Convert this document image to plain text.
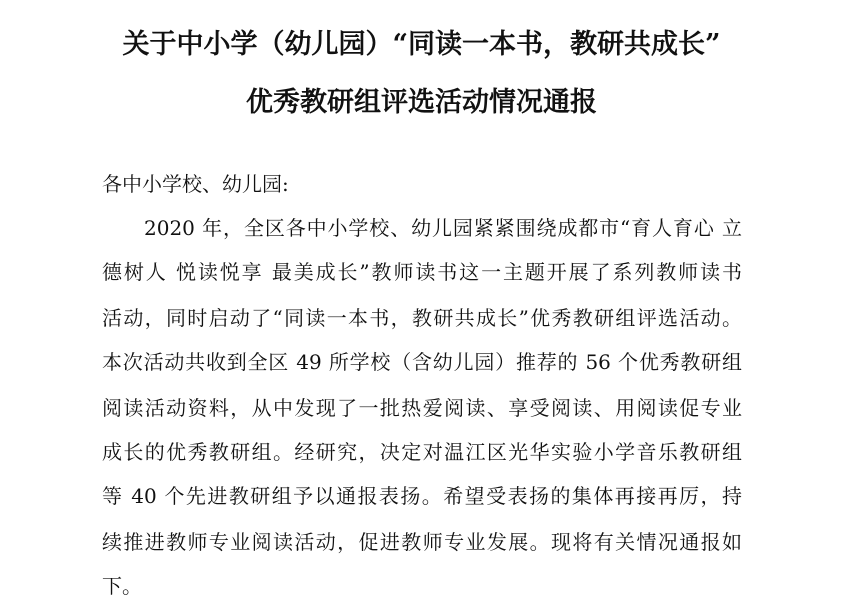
关于中小学（幼儿园）“同读一本书，教研共成长”
优秀教研组评选活动情况通报
各中小学校、幼儿园:
2020 年，全区各中小学校、幼儿园紧紧围绕成都市“育人育心 立
德树人 悦读悦享 最美成长”教师读书这一主题开展了系列教师读书
活动，同时启动了“同读一本书，教研共成长”优秀教研组评选活动。
本次活动共收到全区 49 所学校（含幼儿园）推荐的 56 个优秀教研组
阅读活动资料，从中发现了一批热爱阅读、享受阅读、用阅读促专业
成长的优秀教研组。经研究，决定对温江区光华实验小学音乐教研组
等 40 个先进教研组予以通报表扬。希望受表扬的集体再接再厉，持
续推进教师专业阅读活动，促进教师专业发展。现将有关情况通报如
下。
